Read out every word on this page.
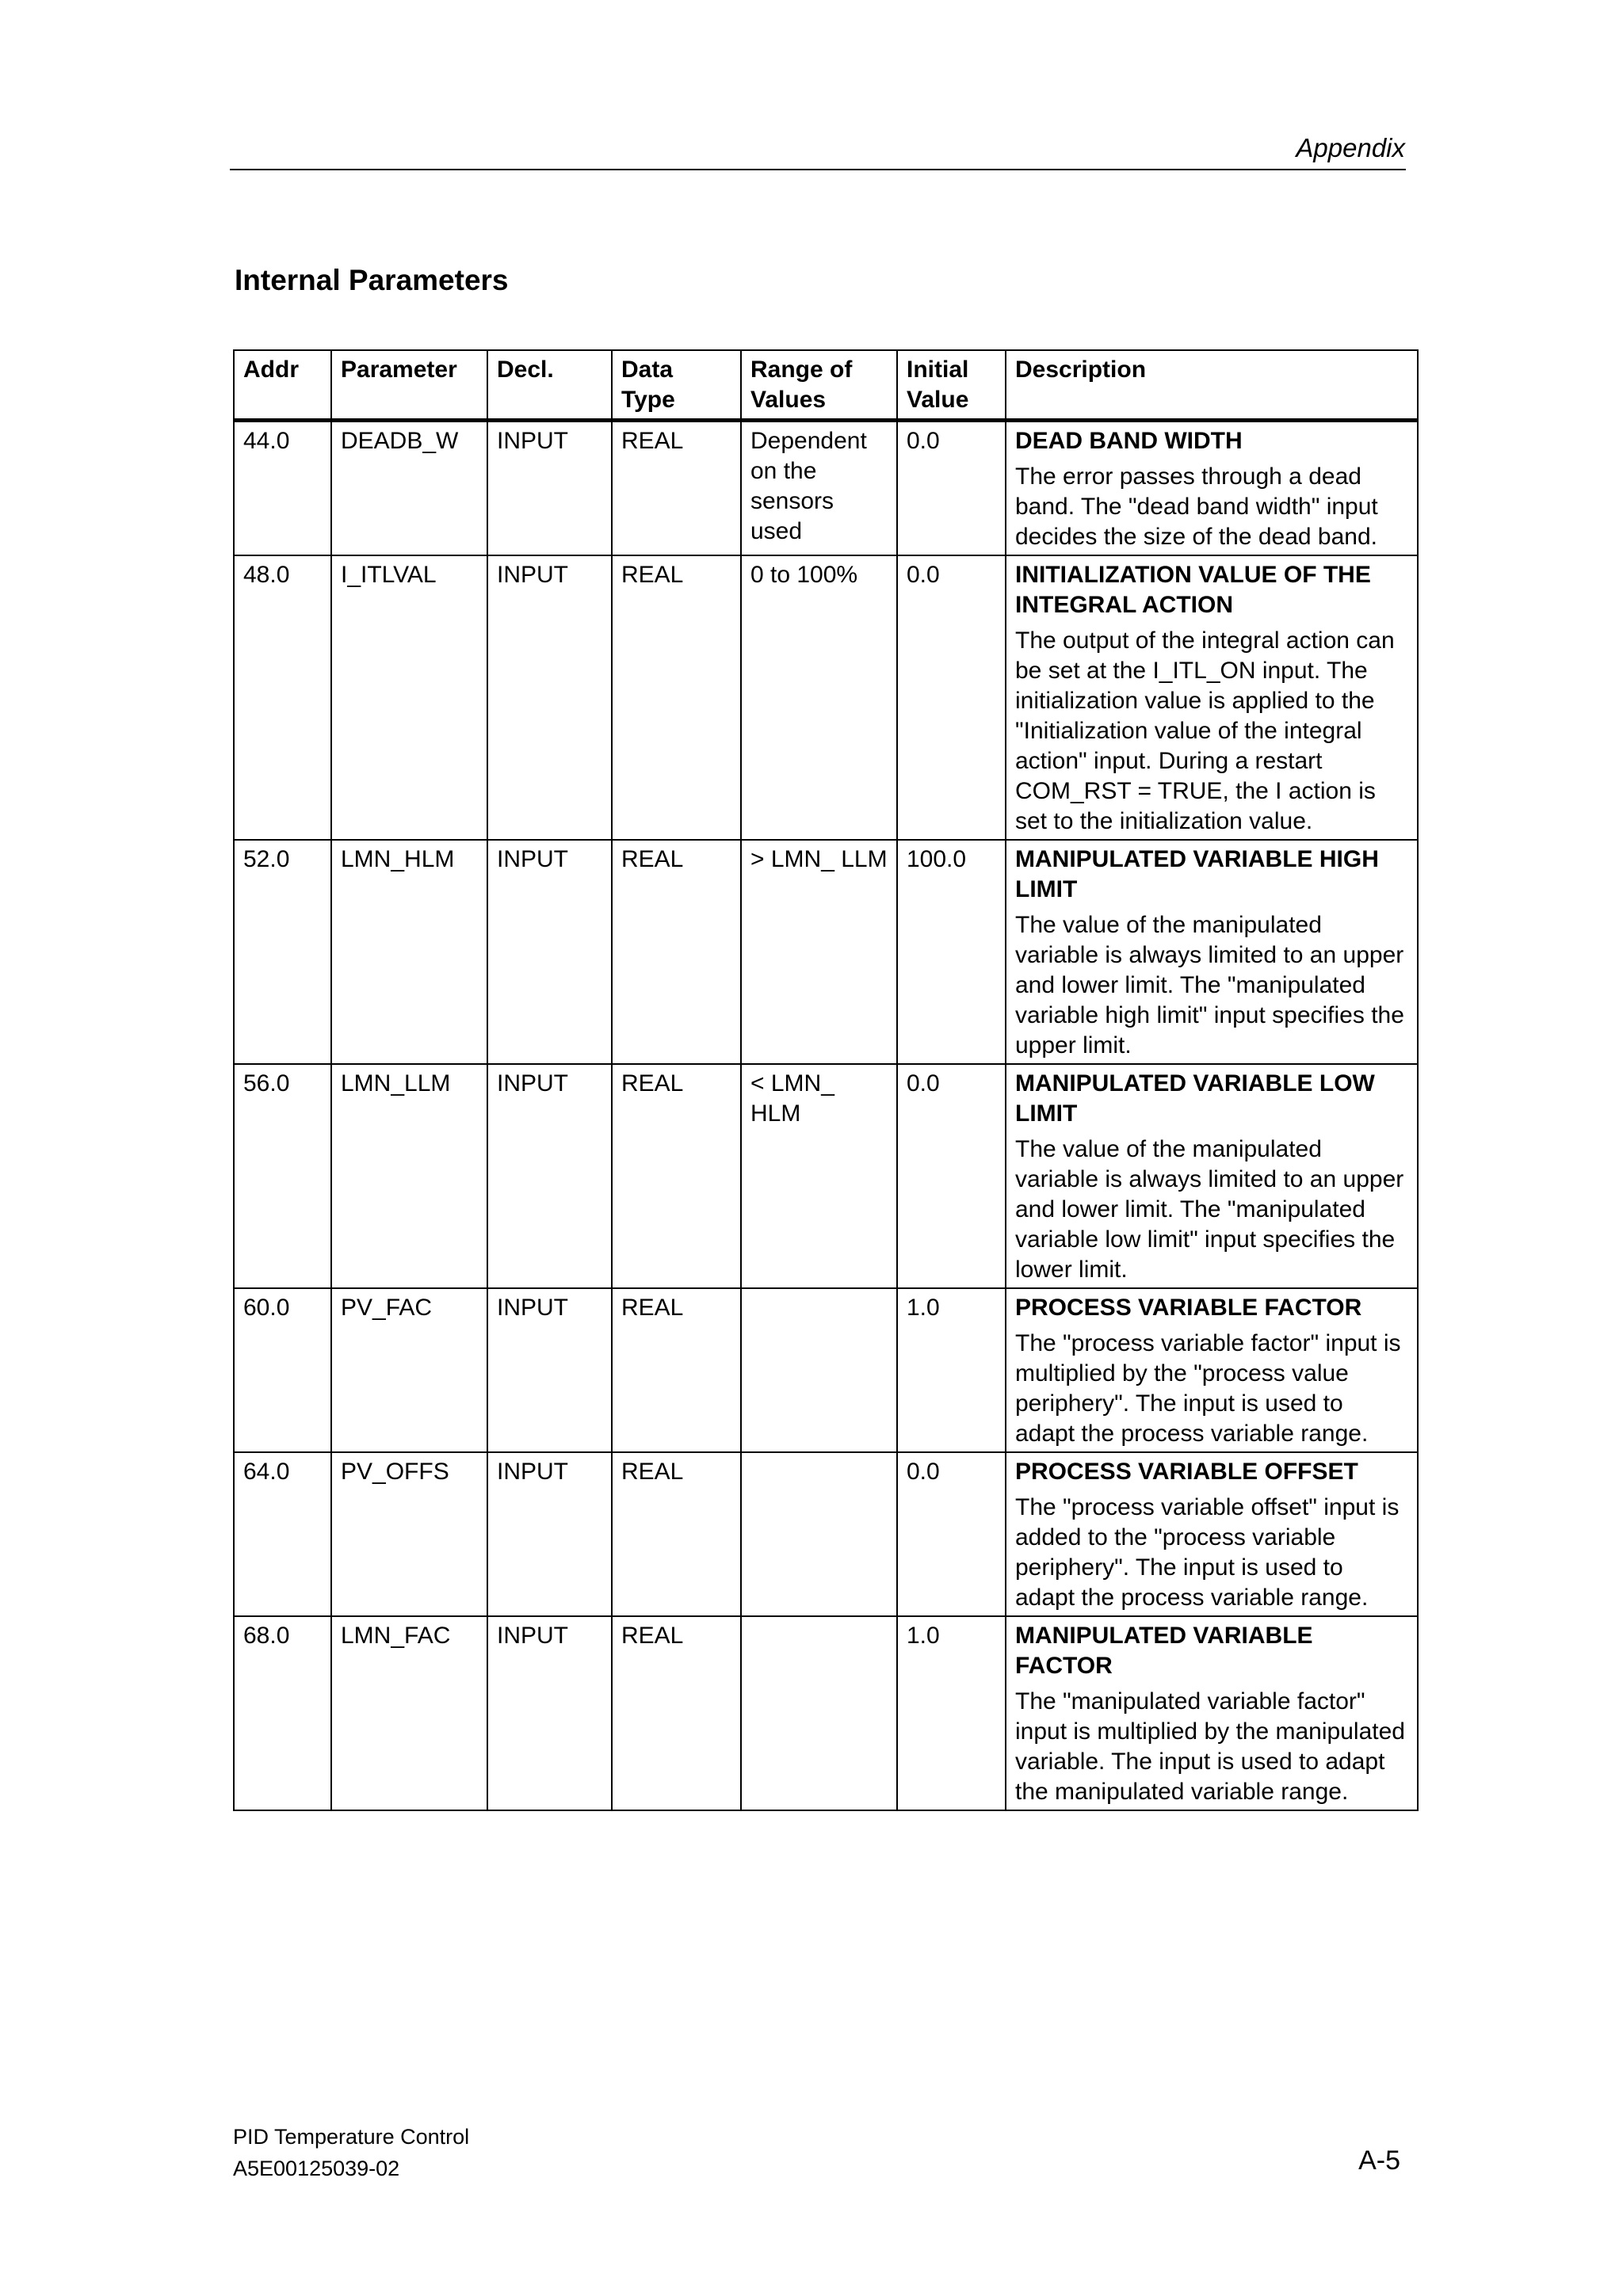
Appendix
Internal Parameters
Addr	Parameter	Decl.	Data Type	Range of Values	Initial Value	Description
44.0	DEADB_W	INPUT	REAL	Dependent on the sensors used	0.0	DEAD BAND WIDTH
The error passes through a dead band. The "dead band width" input decides the size of the dead band.

48.0	I_ITLVAL	INPUT	REAL	0 to 100%	0.0	INITIALIZATION VALUE OF THE INTEGRAL ACTION
The output of the integral action can be set at the I_ITL_ON input. The initialization value is applied to the "Initialization value of the integral action" input. During a restart COM_RST = TRUE, the I action is set to the initialization value.

52.0	LMN_HLM	INPUT	REAL	> LMN_ LLM	100.0	MANIPULATED VARIABLE HIGH LIMIT
The value of the manipulated variable is always limited to an upper and lower limit. The "manipulated variable high limit" input specifies the upper limit.

56.0	LMN_LLM	INPUT	REAL	< LMN_ HLM	0.0	MANIPULATED VARIABLE LOW LIMIT
The value of the manipulated variable is always limited to an upper and lower limit. The "manipulated variable low limit" input specifies the lower limit.

60.0	PV_FAC	INPUT	REAL		1.0	PROCESS VARIABLE FACTOR
The "process variable factor" input is multiplied by the "process value periphery". The input is used to adapt the process variable range.

64.0	PV_OFFS	INPUT	REAL		0.0	PROCESS VARIABLE OFFSET
The "process variable offset" input is added to the "process variable periphery". The input is used to adapt the process variable range.

68.0	LMN_FAC	INPUT	REAL		1.0	MANIPULATED VARIABLE FACTOR
The "manipulated variable factor" input is multiplied by the manipulated variable. The input is used to adapt the manipulated variable range.
PID Temperature Control
A5E00125039-02	A-5
